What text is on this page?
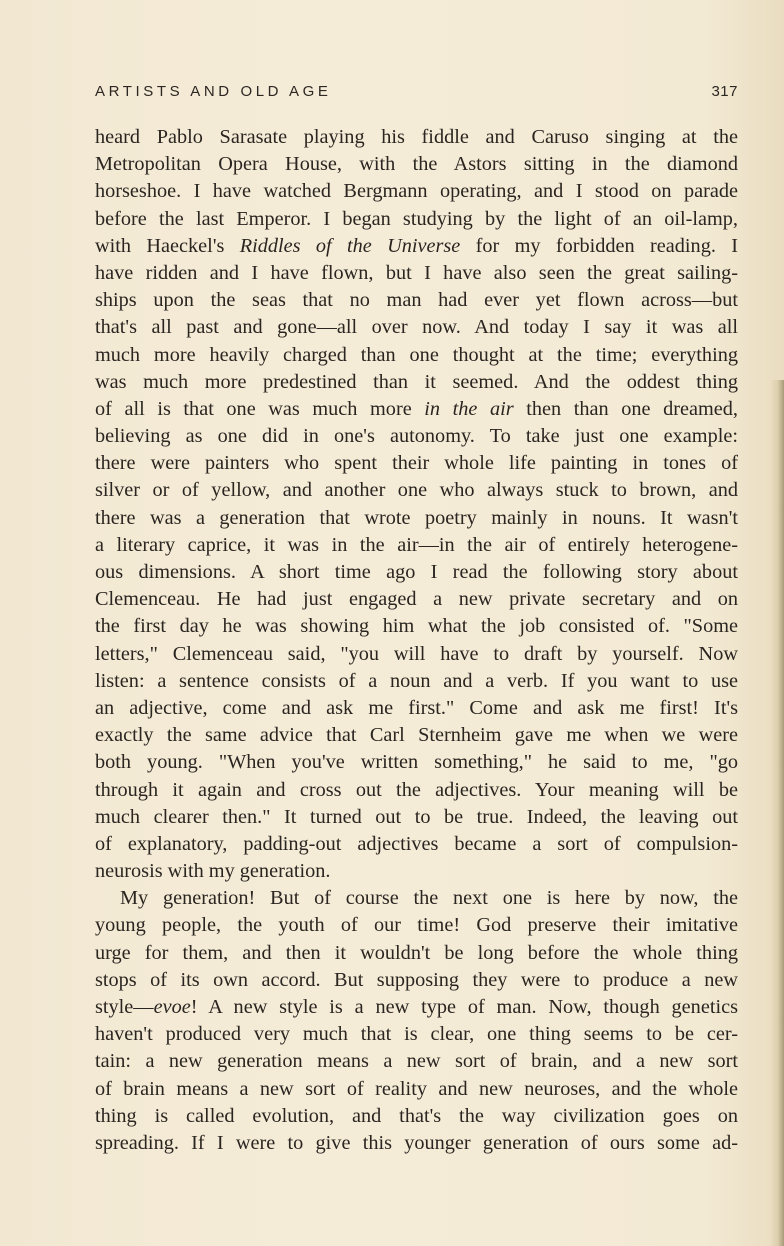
ARTISTS AND OLD AGE	317
heard Pablo Sarasate playing his fiddle and Caruso singing at the
Metropolitan Opera House, with the Astors sitting in the diamond
horseshoe. I have watched Bergmann operating, and I stood on parade
before the last Emperor. I began studying by the light of an oil-lamp,
with Haeckel's Riddles of the Universe for my forbidden reading. I
have ridden and I have flown, but I have also seen the great sailing-
ships upon the seas that no man had ever yet flown across—but
that's all past and gone—all over now. And today I say it was all
much more heavily charged than one thought at the time; everything
was much more predestined than it seemed. And the oddest thing
of all is that one was much more in the air then than one dreamed,
believing as one did in one's autonomy. To take just one example:
there were painters who spent their whole life painting in tones of
silver or of yellow, and another one who always stuck to brown, and
there was a generation that wrote poetry mainly in nouns. It wasn't
a literary caprice, it was in the air—in the air of entirely heterogene-
ous dimensions. A short time ago I read the following story about
Clemenceau. He had just engaged a new private secretary and on
the first day he was showing him what the job consisted of. "Some
letters," Clemenceau said, "you will have to draft by yourself. Now
listen: a sentence consists of a noun and a verb. If you want to use
an adjective, come and ask me first." Come and ask me first! It's
exactly the same advice that Carl Sternheim gave me when we were
both young. "When you've written something," he said to me, "go
through it again and cross out the adjectives. Your meaning will be
much clearer then." It turned out to be true. Indeed, the leaving out
of explanatory, padding-out adjectives became a sort of compulsion-
neurosis with my generation.
My generation! But of course the next one is here by now, the
young people, the youth of our time! God preserve their imitative
urge for them, and then it wouldn't be long before the whole thing
stops of its own accord. But supposing they were to produce a new
style—evoe! A new style is a new type of man. Now, though genetics
haven't produced very much that is clear, one thing seems to be cer-
tain: a new generation means a new sort of brain, and a new sort
of brain means a new sort of reality and new neuroses, and the whole
thing is called evolution, and that's the way civilization goes on
spreading. If I were to give this younger generation of ours some ad-
